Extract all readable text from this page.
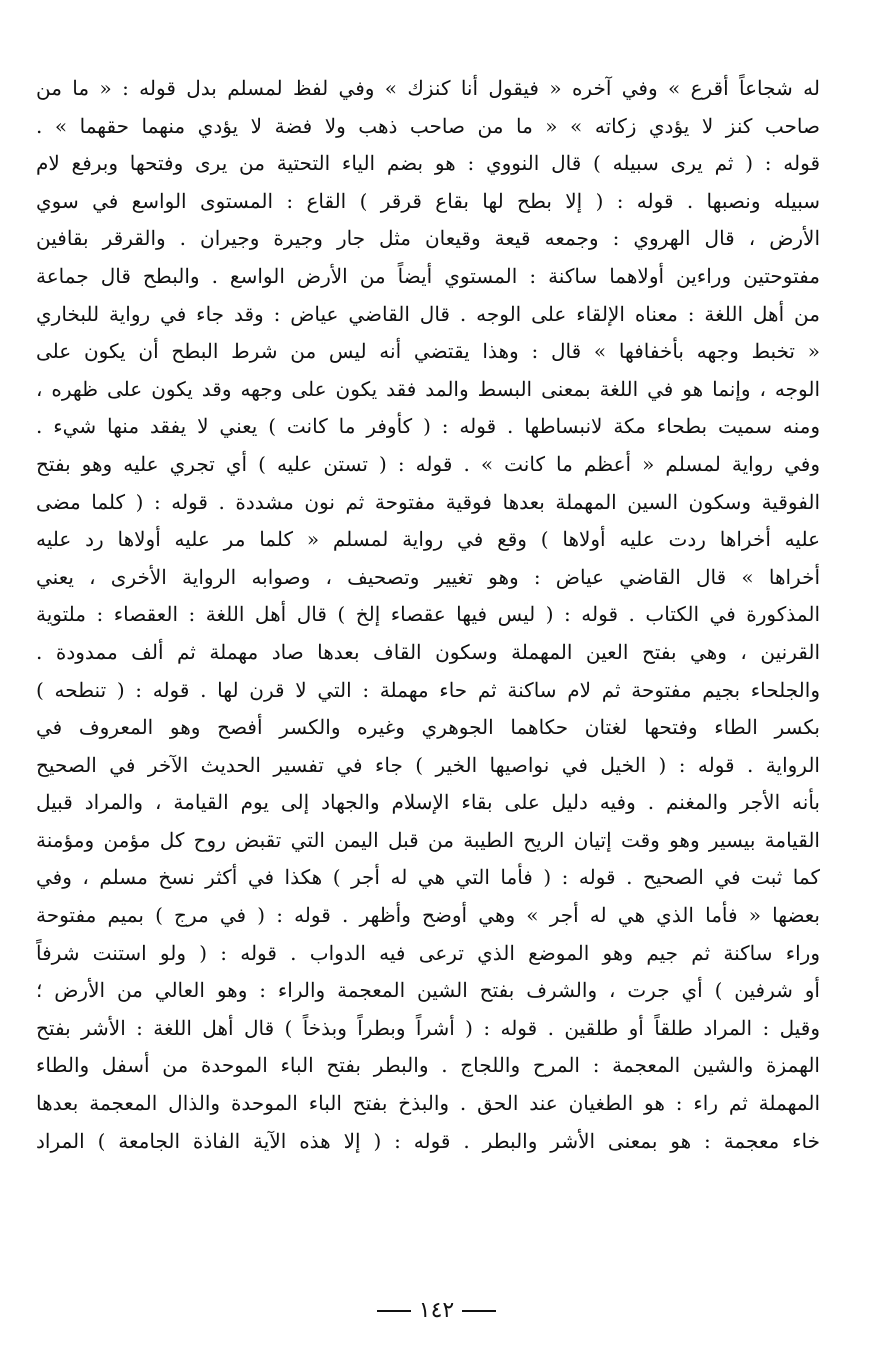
له شجاعاً أقرع » وفي آخره « فيقول أنا كنزك » وفي لفظ لمسلم بدل قوله : « ما من
صاحب كنز لا يؤدي زكاته » « ما من صاحب ذهب ولا فضة لا يؤدي منهما حقهما » .
قوله : ( ثم يرى سبيله ) قال النووي : هو بضم الياء التحتية من يرى وفتحها وبرفع لام
سبيله ونصبها . قوله : ( إلا بطح لها بقاع قرقر ) القاع : المستوى الواسع في سوي
الأرض ، قال الهروي : وجمعه قيعة وقيعان مثل جار وجيرة وجيران . والقرقر بقافين
مفتوحتين وراءين أولاهما ساكنة : المستوي أيضاً من الأرض الواسع . والبطح قال جماعة
من أهل اللغة : معناه الإلقاء على الوجه . قال القاضي عياض : وقد جاء في رواية للبخاري
« تخبط وجهه بأخفافها » قال : وهذا يقتضي أنه ليس من شرط البطح أن يكون على
الوجه ، وإنما هو في اللغة بمعنى البسط والمد فقد يكون على وجهه وقد يكون على ظهره ،
ومنه سميت بطحاء مكة لانبساطها . قوله : ( كأوفر ما كانت ) يعني لا يفقد منها شيء .
وفي رواية لمسلم « أعظم ما كانت » . قوله : ( تستن عليه ) أي تجري عليه وهو بفتح
الفوقية وسكون السين المهملة بعدها فوقية مفتوحة ثم نون مشددة . قوله : ( كلما مضى
عليه أخراها ردت عليه أولاها ) وقع في رواية لمسلم « كلما مر عليه أولاها رد عليه
أخراها » قال القاضي عياض : وهو تغيير وتصحيف ، وصوابه الرواية الأخرى ، يعني
المذكورة في الكتاب . قوله : ( ليس فيها عقصاء إلخ ) قال أهل اللغة : العقصاء : ملتوية
القرنين ، وهي بفتح العين المهملة وسكون القاف بعدها صاد مهملة ثم ألف ممدودة .
والجلحاء بجيم مفتوحة ثم لام ساكنة ثم حاء مهملة : التي لا قرن لها . قوله : ( تنطحه )
بكسر الطاء وفتحها لغتان حكاهما الجوهري وغيره والكسر أفصح وهو المعروف في
الرواية . قوله : ( الخيل في نواصيها الخير ) جاء في تفسير الحديث الآخر في الصحيح
بأنه الأجر والمغنم . وفيه دليل على بقاء الإسلام والجهاد إلى يوم القيامة ، والمراد قبيل
القيامة بيسير وهو وقت إتيان الريح الطيبة من قبل اليمن التي تقبض روح كل مؤمن ومؤمنة
كما ثبت في الصحيح . قوله : ( فأما التي هي له أجر ) هكذا في أكثر نسخ مسلم ، وفي
بعضها « فأما الذي هي له أجر » وهي أوضح وأظهر . قوله : ( في مرج ) بميم مفتوحة
وراء ساكنة ثم جيم وهو الموضع الذي ترعى فيه الدواب . قوله : ( ولو استنت شرفاً
أو شرفين ) أي جرت ، والشرف بفتح الشين المعجمة والراء : وهو العالي من الأرض ؛
وقيل : المراد طلقاً أو طلقين . قوله : ( أشراً وبطراً وبذخاً ) قال أهل اللغة : الأشر بفتح
الهمزة والشين المعجمة : المرح واللجاج . والبطر بفتح الباء الموحدة من أسفل والطاء
المهملة ثم راء : هو الطغيان عند الحق . والبذخ بفتح الباء الموحدة والذال المعجمة بعدها
خاء معجمة : هو بمعنى الأشر والبطر . قوله : ( إلا هذه الآية الفاذة الجامعة ) المراد
١٤٢
